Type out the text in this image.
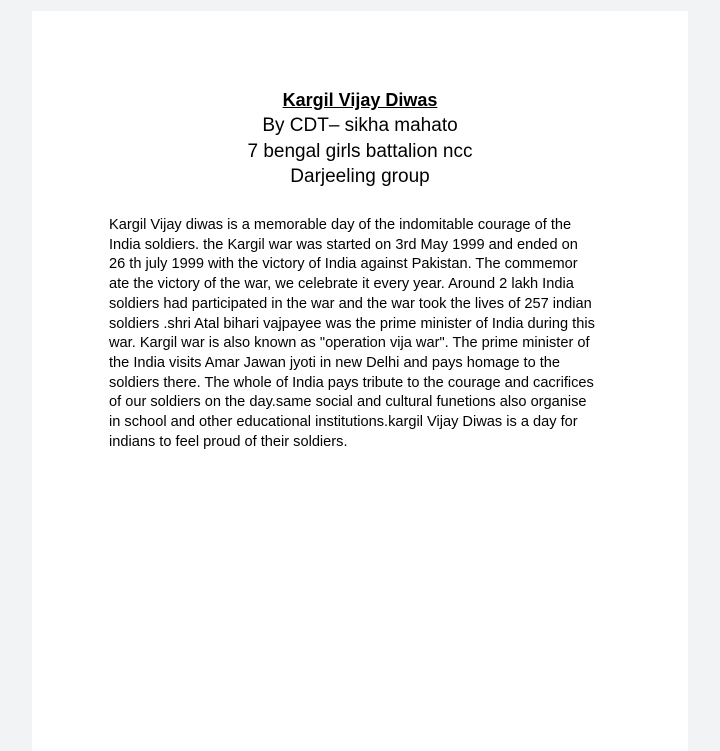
Kargil Vijay Diwas
By CDT– sikha mahato
7 bengal girls battalion ncc
Darjeeling group

Kargil Vijay diwas is a memorable day of the indomitable courage of the
India soldiers. the Kargil war was started on 3rd May 1999 and ended on
26 th july 1999 with the victory of India against Pakistan. The commemor
ate the victory of the war, we celebrate it every year. Around 2 lakh India
soldiers had participated in the war and the war took the lives of 257 indian
soldiers .shri Atal bihari vajpayee was the prime minister of India during this
war. Kargil war is also known as "operation vija war". The prime minister of
the India visits Amar Jawan jyoti in new Delhi and pays homage to the
soldiers there. The whole of India pays tribute to the courage and cacrifices
of our soldiers on the day.same social and cultural funetions also organise
in school and other educational institutions.kargil Vijay Diwas is a day for
indians to feel proud of their soldiers.
